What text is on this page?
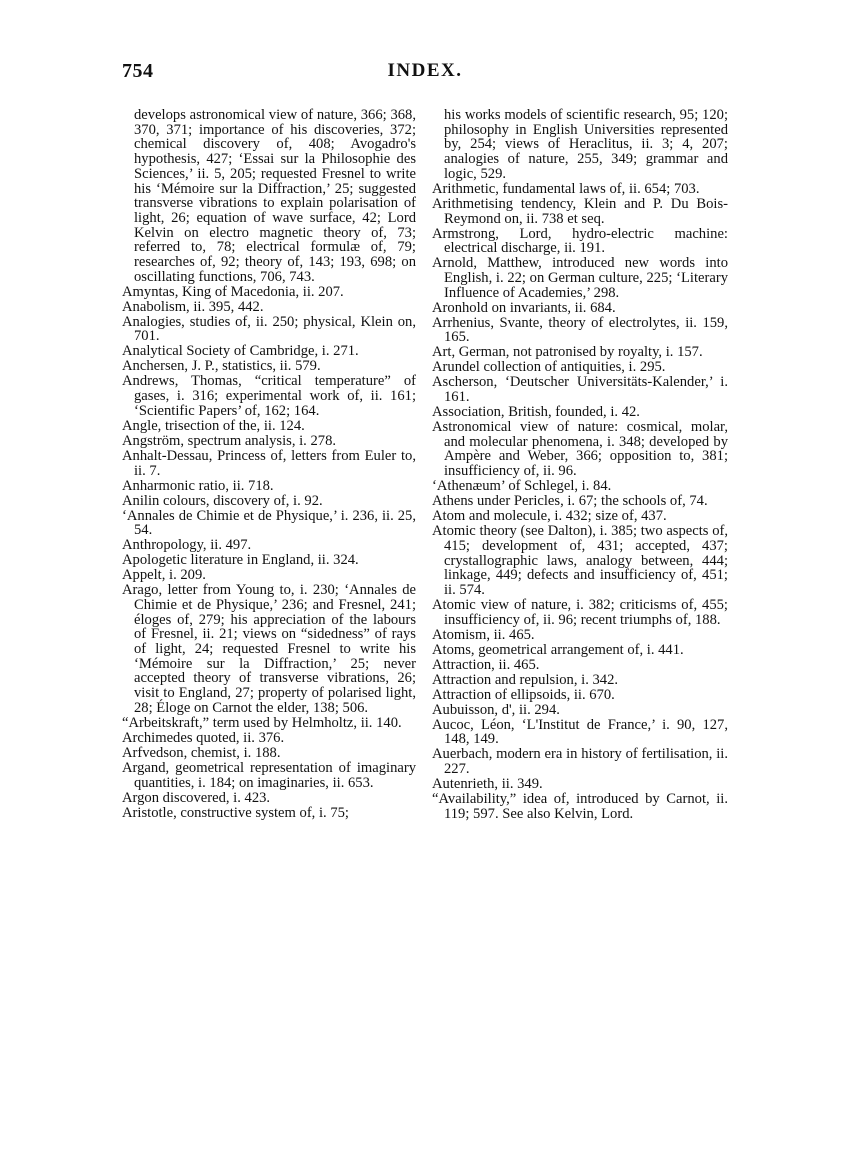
754	INDEX.

develops astronomical view of nature, 366; 368, 370, 371; importance of his discoveries, 372; chemical discovery of, 408; Avogadro's hypothesis, 427; ‘Essai sur la Philosophie des Sciences,’ ii. 5, 205; requested Fresnel to write his ‘Mémoire sur la Diffraction,’ 25; suggested transverse vibrations to explain polarisation of light, 26; equation of wave surface, 42; Lord Kelvin on electro magnetic theory of, 73; referred to, 78; electrical formulæ of, 79; researches of, 92; theory of, 143; 193, 698; on oscillating functions, 706, 743.

Amyntas, King of Macedonia, ii. 207.

Anabolism, ii. 395, 442.

Analogies, studies of, ii. 250; physical, Klein on, 701.

Analytical Society of Cambridge, i. 271.

Anchersen, J. P., statistics, ii. 579.

Andrews, Thomas, “critical temperature” of gases, i. 316; experimental work of, ii. 161; ‘Scientific Papers’ of, 162; 164.

Angle, trisection of the, ii. 124.

Angström, spectrum analysis, i. 278.

Anhalt-Dessau, Princess of, letters from Euler to, ii. 7.

Anharmonic ratio, ii. 718.

Anilin colours, discovery of, i. 92.

‘Annales de Chimie et de Physique,’ i. 236, ii. 25, 54.

Anthropology, ii. 497.

Apologetic literature in England, ii. 324.

Appelt, i. 209.

Arago, letter from Young to, i. 230; ‘Annales de Chimie et de Physique,’ 236; and Fresnel, 241; éloges of, 279; his appreciation of the labours of Fresnel, ii. 21; views on “sidedness” of rays of light, 24; requested Fresnel to write his ‘Mémoire sur la Diffraction,’ 25; never accepted theory of transverse vibrations, 26; visit to England, 27; property of polarised light, 28; Éloge on Carnot the elder, 138; 506.

“Arbeitskraft,” term used by Helmholtz, ii. 140.

Archimedes quoted, ii. 376.

Arfvedson, chemist, i. 188.

Argand, geometrical representation of imaginary quantities, i. 184; on imaginaries, ii. 653.

Argon discovered, i. 423.

Aristotle, constructive system of, i. 75;

his works models of scientific research, 95; 120; philosophy in English Universities represented by, 254; views of Heraclitus, ii. 3; 4, 207; analogies of nature, 255, 349; grammar and logic, 529.

Arithmetic, fundamental laws of, ii. 654; 703.

Arithmetising tendency, Klein and P. Du Bois-Reymond on, ii. 738 et seq.

Armstrong, Lord, hydro-electric machine: electrical discharge, ii. 191.

Arnold, Matthew, introduced new words into English, i. 22; on German culture, 225; ‘Literary Influence of Academies,’ 298.

Aronhold on invariants, ii. 684.

Arrhenius, Svante, theory of electrolytes, ii. 159, 165.

Art, German, not patronised by royalty, i. 157.

Arundel collection of antiquities, i. 295.

Ascherson, ‘Deutscher Universitäts-Kalender,’ i. 161.

Association, British, founded, i. 42.

Astronomical view of nature: cosmical, molar, and molecular phenomena, i. 348; developed by Ampère and Weber, 366; opposition to, 381; insufficiency of, ii. 96.

‘Athenæum’ of Schlegel, i. 84.

Athens under Pericles, i. 67; the schools of, 74.

Atom and molecule, i. 432; size of, 437.

Atomic theory (see Dalton), i. 385; two aspects of, 415; development of, 431; accepted, 437; crystallographic laws, analogy between, 444; linkage, 449; defects and insufficiency of, 451; ii. 574.

Atomic view of nature, i. 382; criticisms of, 455; insufficiency of, ii. 96; recent triumphs of, 188.

Atomism, ii. 465.

Atoms, geometrical arrangement of, i. 441.

Attraction, ii. 465.

Attraction and repulsion, i. 342.

Attraction of ellipsoids, ii. 670.

Aubuisson, d', ii. 294.

Aucoc, Léon, ‘L'Institut de France,’ i. 90, 127, 148, 149.

Auerbach, modern era in history of fertilisation, ii. 227.

Autenrieth, ii. 349.

“Availability,” idea of, introduced by Carnot, ii. 119; 597. See also Kelvin, Lord.
